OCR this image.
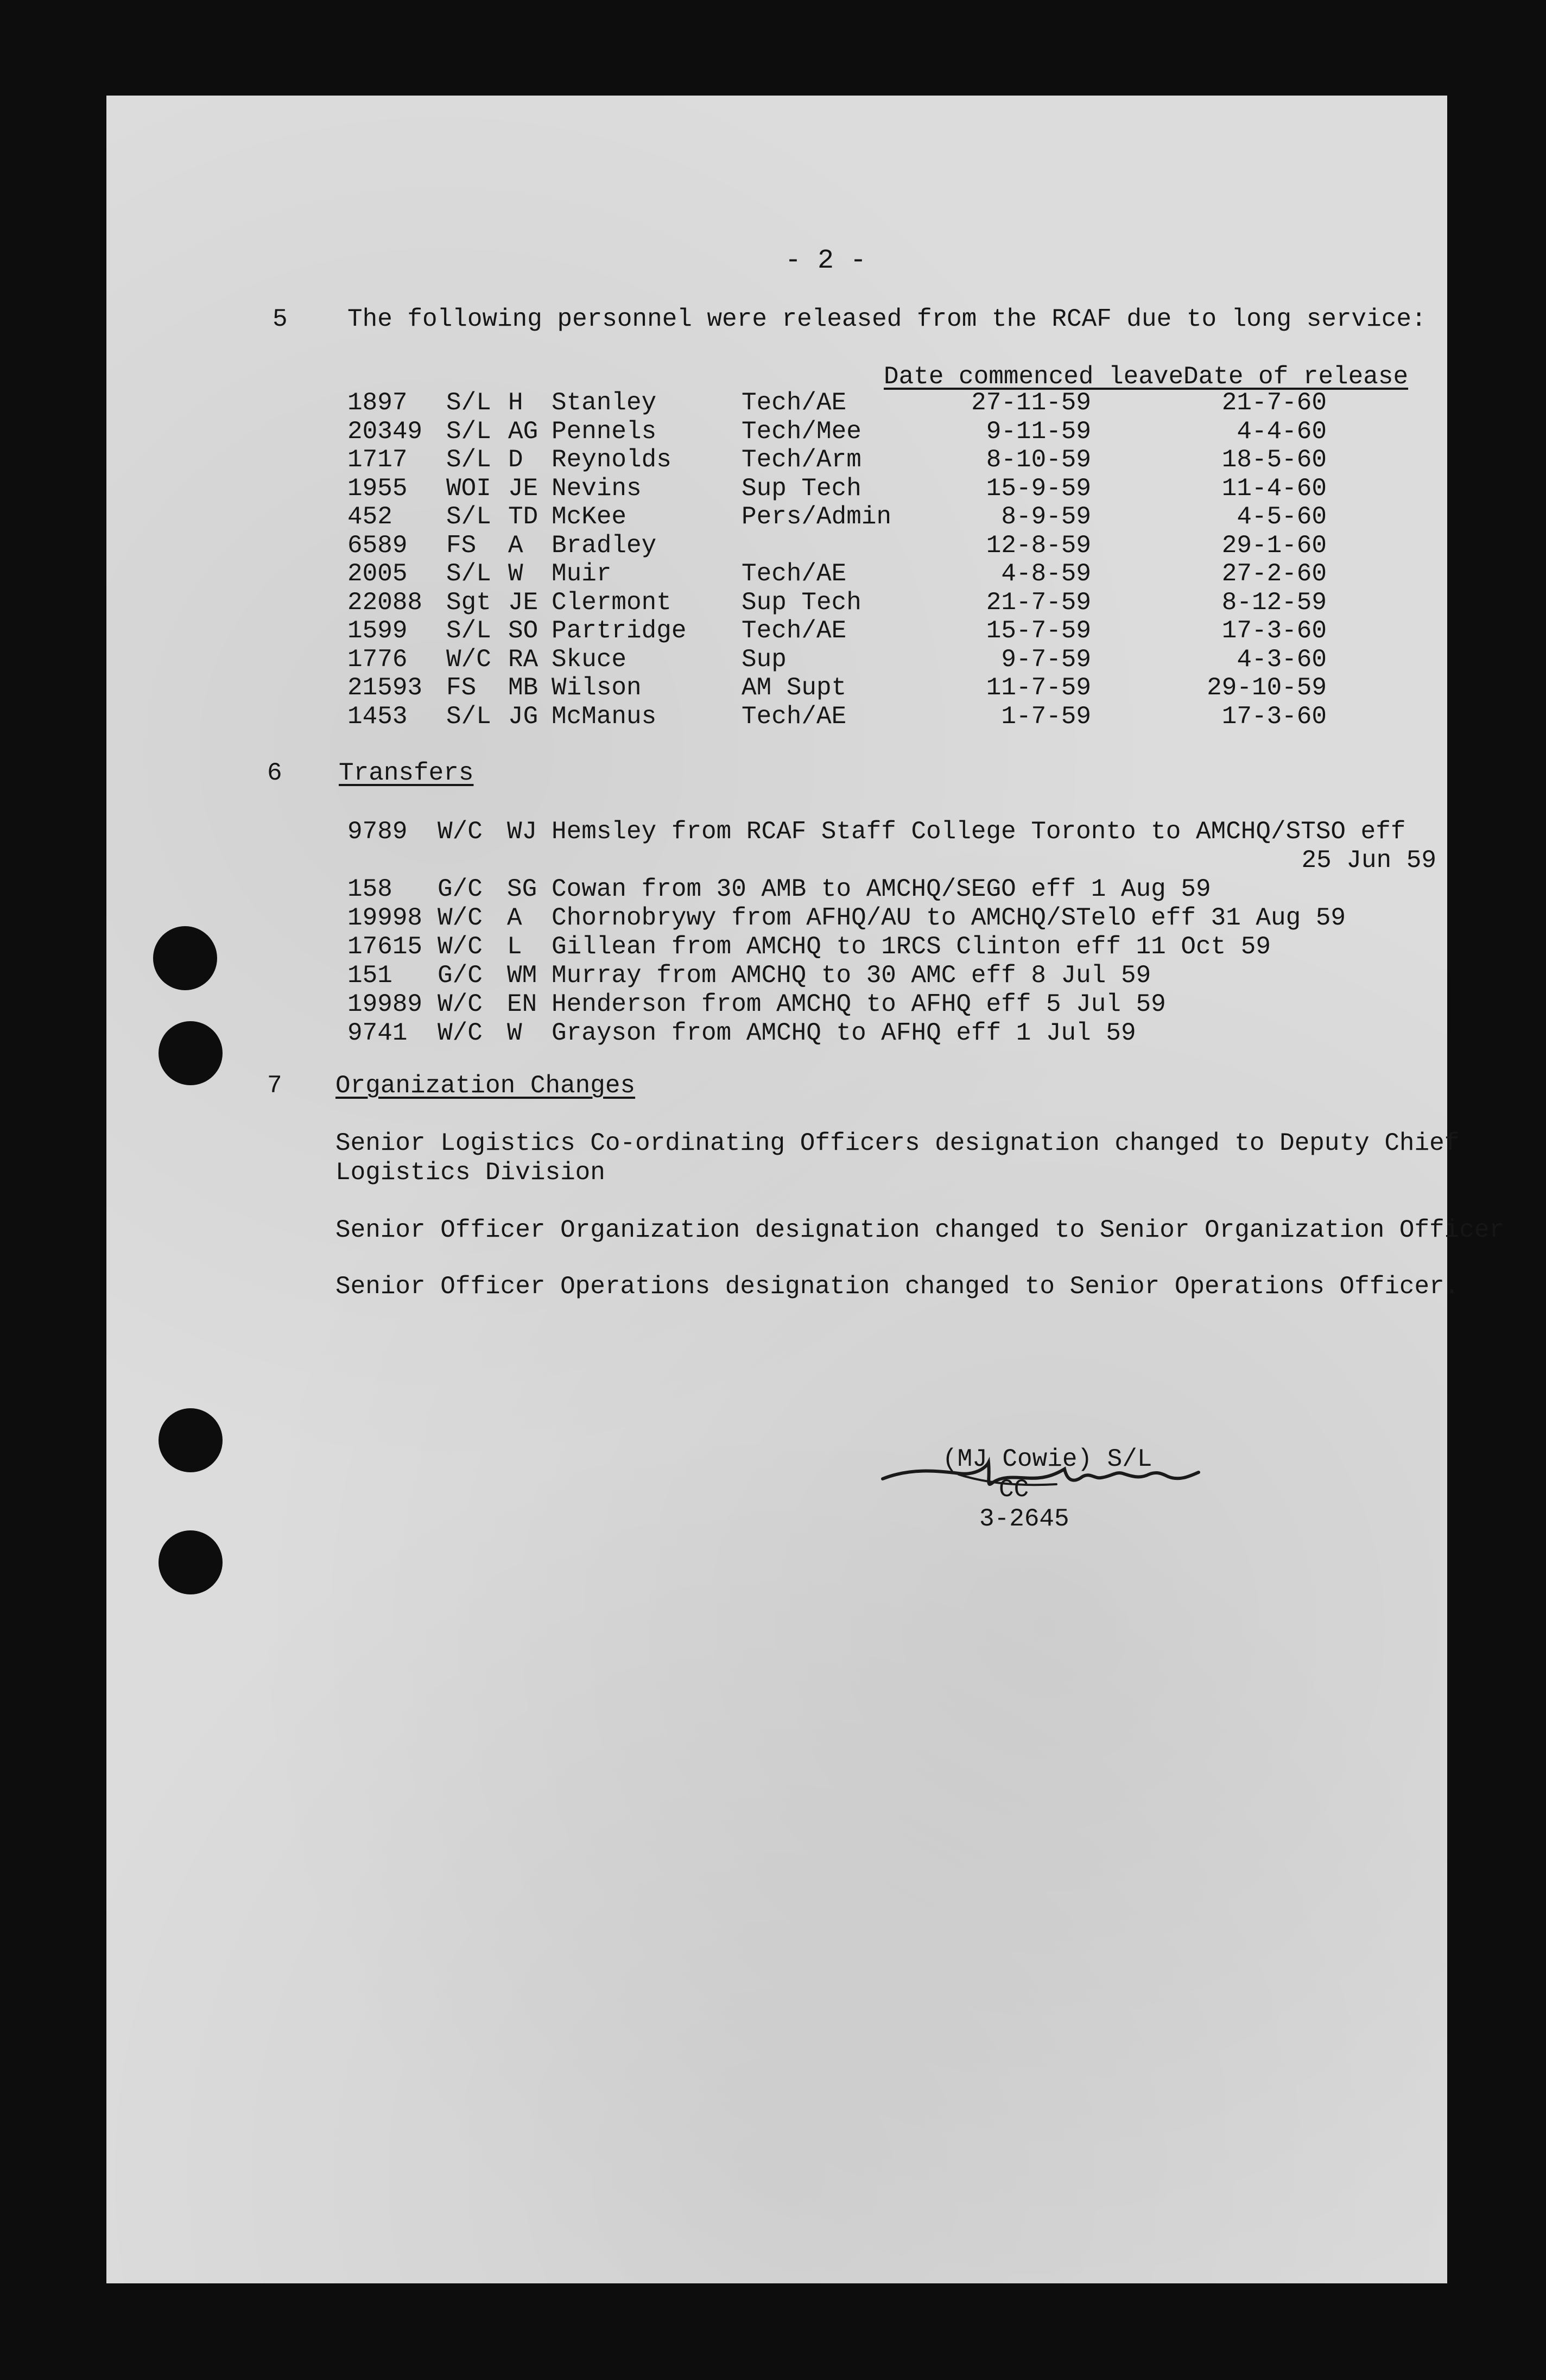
- 2 -
5 The following personnel were released from the RCAF due to long service:
Date commenced leave Date of release
1897 S/L H Stanley	Tech/AE	27-11-59	21-7-60
20349 S/L AG Pennels	Tech/Mee	9-11-59	4-4-60
1717 S/L D Reynolds	Tech/Arm	8-10-59	18-5-60
1955 WOI JE Nevins	Sup Tech	15-9-59	11-4-60
452 S/L TD McKee	Pers/Admin	8-9-59	4-5-60
6589 FS A Bradley	12-8-59	29-1-60
2005 S/L W Muir	Tech/AE	4-8-59	27-2-60
22088 Sgt JE Clermont	Sup Tech	21-7-59	8-12-59
1599 S/L SO Partridge Tech/AE	15-7-59	17-3-60
1776 W/C RA Skuce	Sup	9-7-59	4-3-60
21593 FS MB Wilson	AM Supt	11-7-59	29-10-59
1453 S/L JG McManus	Tech/AE	1-7-59	17-3-60
6 Transfers
9789 W/C WJ Hemsley from RCAF Staff College Toronto to AMCHQ/STSO eff
25 Jun 59
158 G/C SG Cowan from 30 AMB to AMCHQ/SEGO eff 1 Aug 59
19998 W/C A Chornobrywy from AFHQ/AU to AMCHQ/STelO eff 31 Aug 59
17615 W/C L Gillean from AMCHQ to 1RCS Clinton eff 11 Oct 59
151 G/C WM Murray from AMCHQ to 30 AMC eff 8 Jul 59
19989 W/C EN Henderson from AMCHQ to AFHQ eff 5 Jul 59
9741 W/C W Grayson from AMCHQ to AFHQ eff 1 Jul 59
7 Organization Changes
Senior Logistics Co-ordinating Officers designation changed to Deputy Chief
Logistics Division
Senior Officer Organization designation changed to Senior Organization Officer
Senior Officer Operations designation changed to Senior Operations Officer.

(MJ Cowie) S/L
CC
3-2645
